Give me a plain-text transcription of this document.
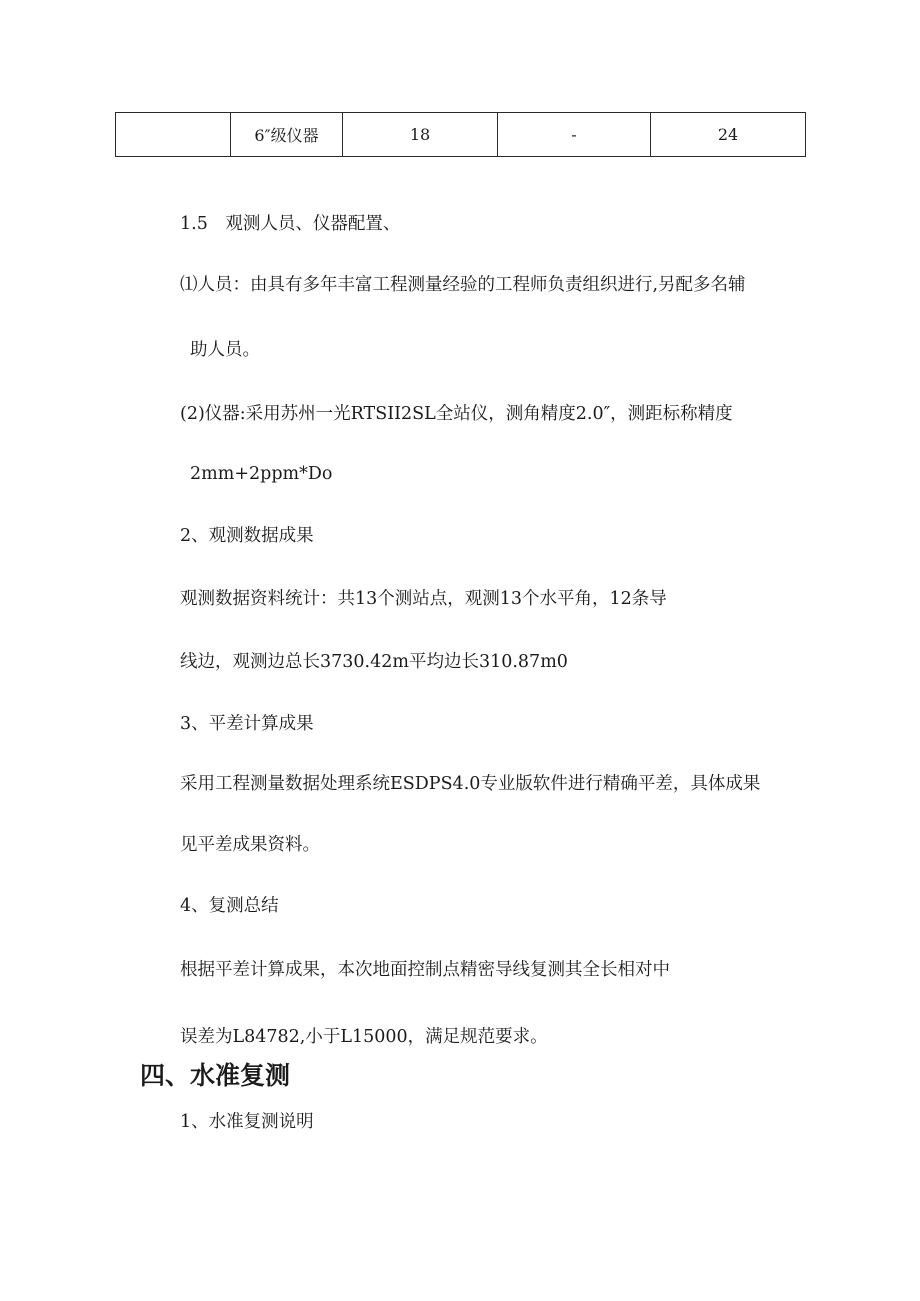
	6″级仪器	18	-	24
1.5　观测人员、仪器配置、
⑴人员：由具有多年丰富工程测量经验的工程师负责组织进行,另配多名辅
助人员。
(2)仪器:采用苏州一光RTSII2SL全站仪，测角精度2.0″，测距标称精度
2mm+2ppm*Do
2、观测数据成果
观测数据资料统计：共13个测站点，观测13个水平角，12条导
线边，观测边总长3730.42m平均边长310.87m0
3、平差计算成果
采用工程测量数据处理系统ESDPS4.0专业版软件进行精确平差，具体成果
见平差成果资料。
4、复测总结
根据平差计算成果，本次地面控制点精密导线复测其全长相对中
误差为L84782,小于L15000，满足规范要求。
四、水准复测
1、水准复测说明
